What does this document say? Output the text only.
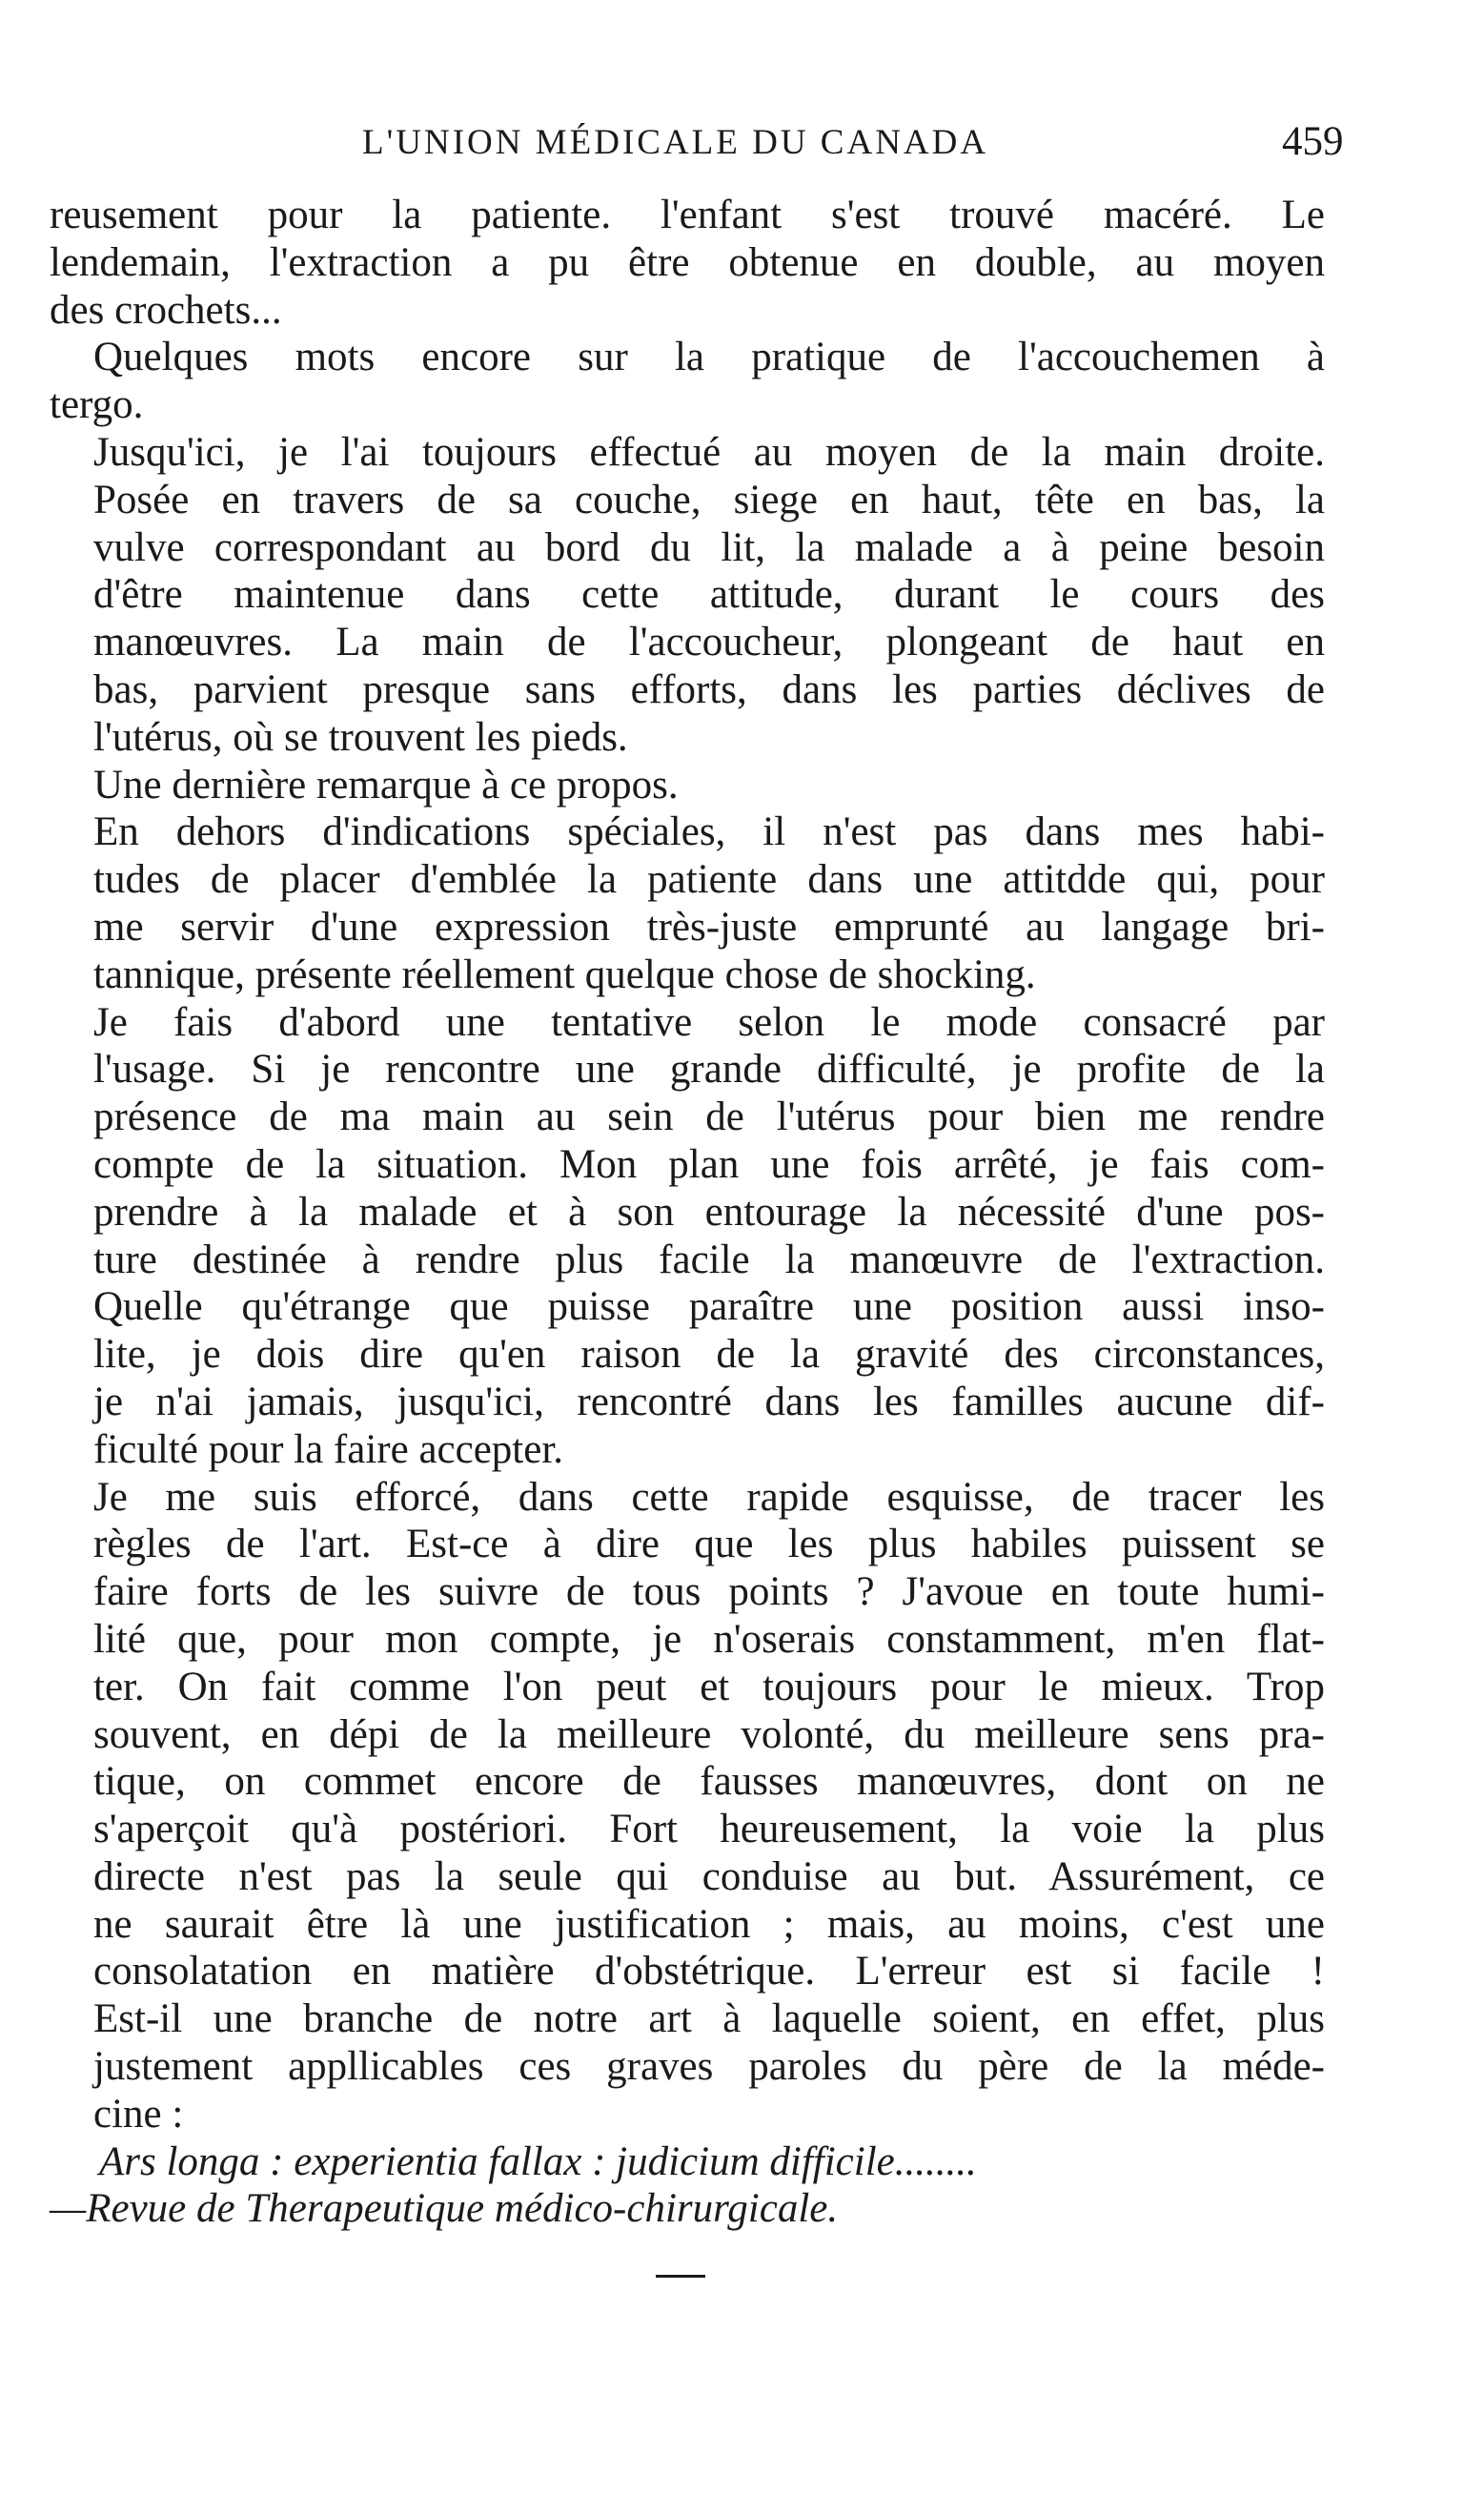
L'UNION MÉDICALE DU CANADA	459

reusement pour la patiente. l'enfant s'est trouvé macéré. Le
lendemain, l'extraction a pu être obtenue en double, au moyen
des crochets...

Quelques mots encore sur la pratique de l'accouchemen à
tergo.

Jusqu'ici, je l'ai toujours effectué au moyen de la main droite.
Posée en travers de sa couche, siege en haut, tête en bas, la
vulve correspondant au bord du lit, la malade a à peine besoin
d'être maintenue dans cette attitude, durant le cours des
manœuvres. La main de l'accoucheur, plongeant de haut en
bas, parvient presque sans efforts, dans les parties déclives de
l'utérus, où se trouvent les pieds.

Une dernière remarque à ce propos.

En dehors d'indications spéciales, il n'est pas dans mes habi-
tudes de placer d'emblée la patiente dans une attitdde qui, pour
me servir d'une expression très-juste emprunté au langage bri-
tannique, présente réellement quelque chose de shocking.

Je fais d'abord une tentative selon le mode consacré par
l'usage. Si je rencontre une grande difficulté, je profite de la
présence de ma main au sein de l'utérus pour bien me rendre
compte de la situation. Mon plan une fois arrêté, je fais com-
prendre à la malade et à son entourage la nécessité d'une pos-
ture destinée à rendre plus facile la manœuvre de l'extraction.
Quelle qu'étrange que puisse paraître une position aussi inso-
lite, je dois dire qu'en raison de la gravité des circonstances,
je n'ai jamais, jusqu'ici, rencontré dans les familles aucune dif-
ficulté pour la faire accepter.

Je me suis efforcé, dans cette rapide esquisse, de tracer les
règles de l'art. Est-ce à dire que les plus habiles puissent se
faire forts de les suivre de tous points ? J'avoue en toute humi-
lité que, pour mon compte, je n'oserais constamment, m'en flat-
ter. On fait comme l'on peut et toujours pour le mieux. Trop
souvent, en dépi de la meilleure volonté, du meilleure sens pra-
tique, on commet encore de fausses manœuvres, dont on ne
s'aperçoit qu'à postériori. Fort heureusement, la voie la plus
directe n'est pas la seule qui conduise au but. Assurément, ce
ne saurait être là une justification ; mais, au moins, c'est une
consolatation en matière d'obstétrique. L'erreur est si facile !
Est-il une branche de notre art à laquelle soient, en effet, plus
justement appllicables ces graves paroles du père de la méde-
cine :

Ars longa : experientia fallax : judicium difficile........

—Revue de Therapeutique médico-chirurgicale.
